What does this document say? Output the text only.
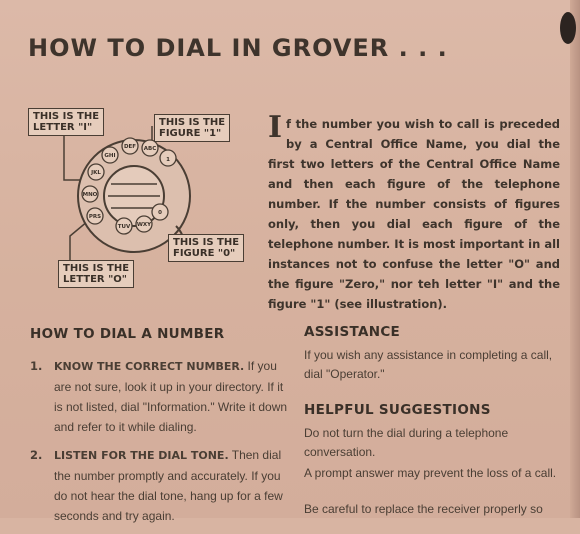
HOW TO DIAL IN GROVER . . .
1
ABC
DEF
GHI
JKL
MNO
PRS
TUV WXY
0
THIS IS THE
LETTER "I"	THIS IS THE
FIGURE "1"
THIS IS THE
FIGURE "0"
THIS IS THE
LETTER "O"
I f the number you wish to call is preceded by a Central Office Name, you dial the first two letters of the Central Office Name and then each figure of the telephone number. If the number consists of figures only, then you dial each figure of the telephone number. It is most important in all instances not to confuse the letter "O" and the figure "Zero," nor teh letter "I" and the figure "1" (see illustration).
HOW TO DIAL A NUMBER
1. KNOW THE CORRECT NUMBER. If you are not sure, look it up in your directory. If it is not listed, dial "Information." Write it down and refer to it while dialing.
2. LISTEN FOR THE DIAL TONE. Then dial the number promptly and accurately. If you do not hear the dial tone, hang up for a few seconds and try again.
ASSISTANCE
If you wish any assistance in completing a call, dial "Operator."
HELPFUL SUGGESTIONS
Do not turn the dial during a telephone conversation.
A prompt answer may prevent the loss of a call.
Be careful to replace the receiver properly so
